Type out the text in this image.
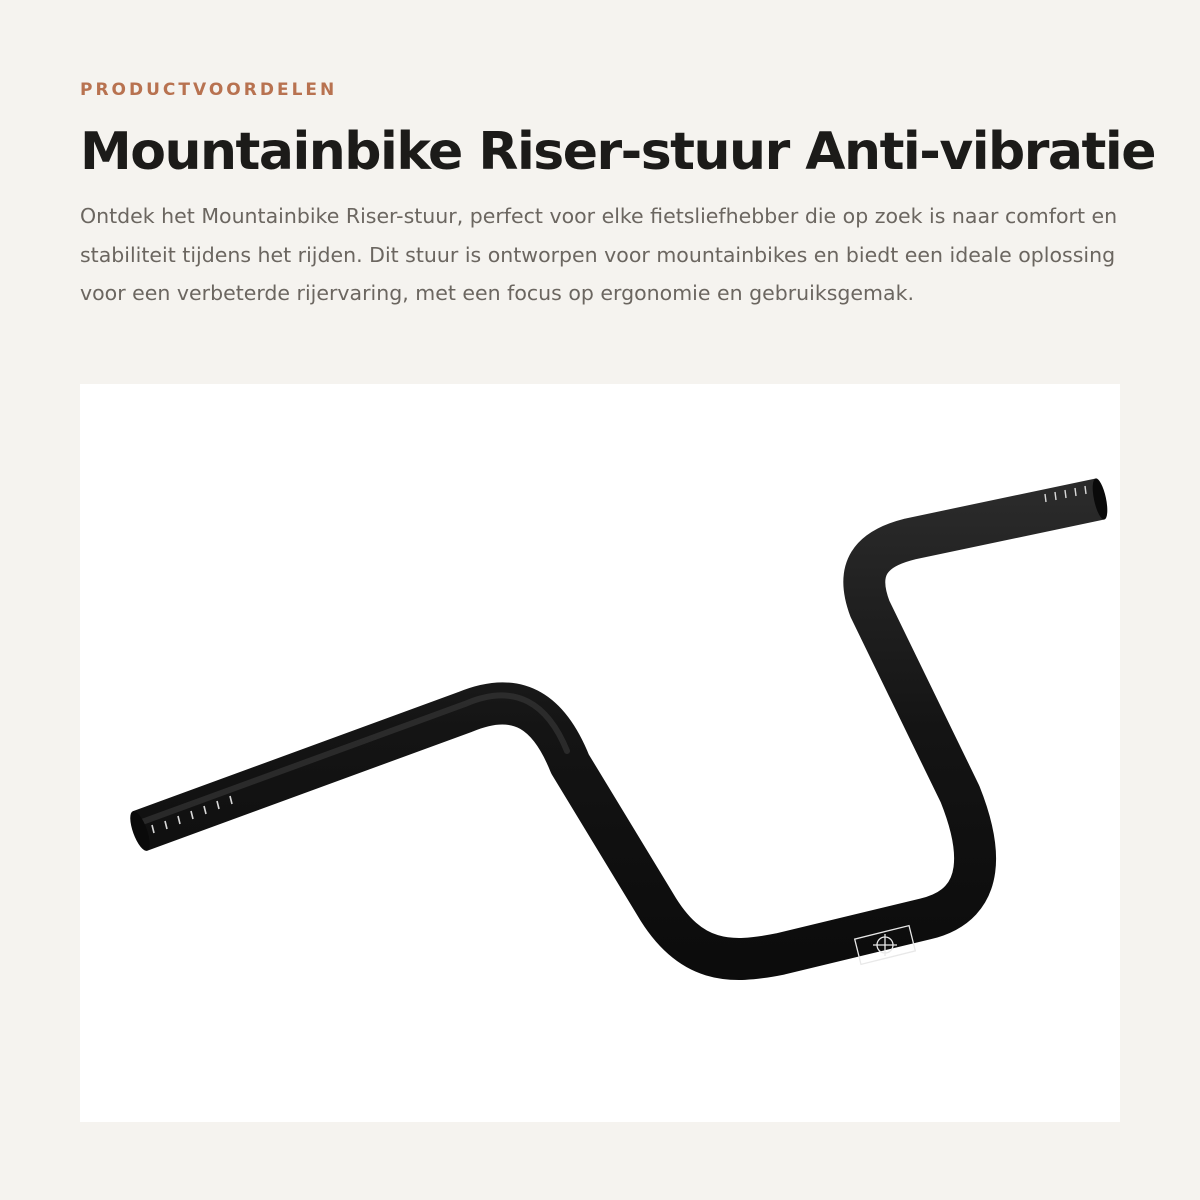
PRODUCTVOORDELEN
Mountainbike Riser-stuur Anti-vibratie

Ontdek het Mountainbike Riser-stuur, perfect voor elke fietsliefhebber die op zoek is naar comfort en stabiliteit tijdens het rijden. Dit stuur is ontworpen voor mountainbikes en biedt een ideale oplossing voor een verbeterde rijervaring, met een focus op ergonomie en gebruiksgemak.
